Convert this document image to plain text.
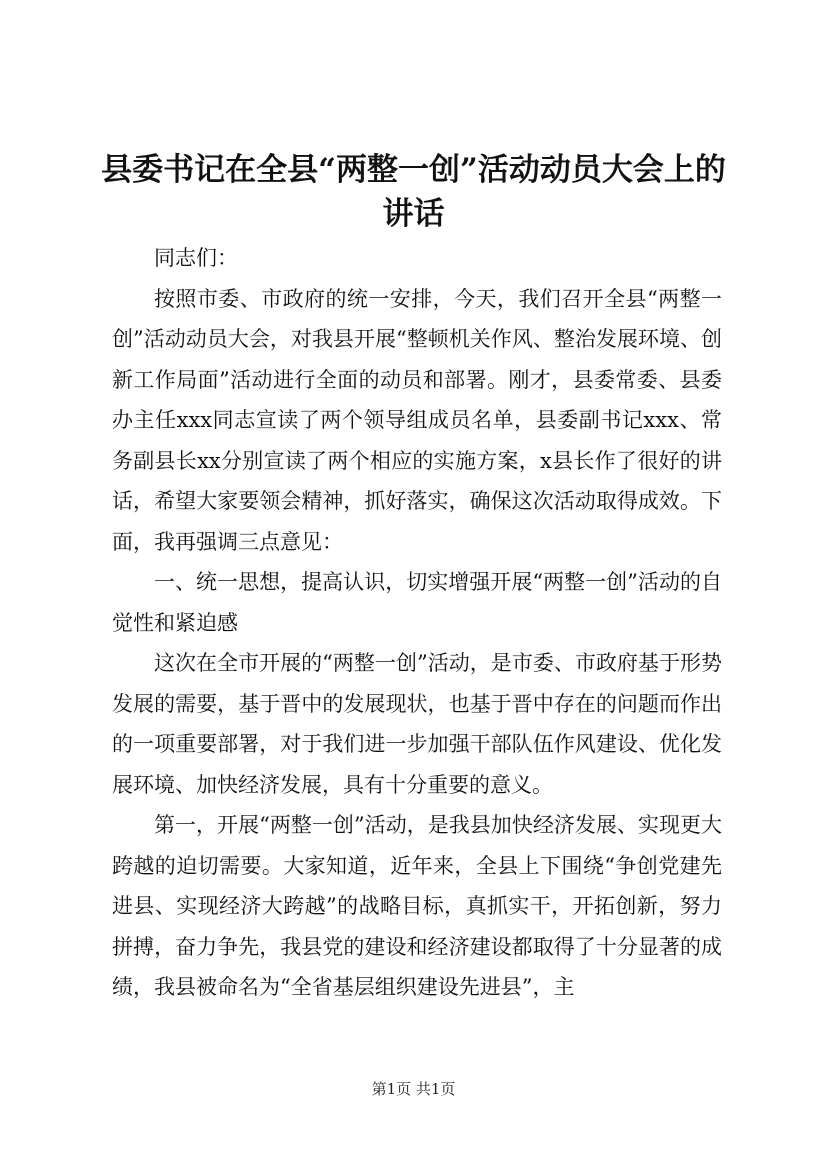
县委书记在全县“两整一创”活动动员大会上的讲话

同志们：

按照市委、市政府的统一安排，今天，我们召开全县“两整一创”活动动员大会，对我县开展“整顿机关作风、整治发展环境、创新工作局面”活动进行全面的动员和部署。刚才，县委常委、县委办主任xxx同志宣读了两个领导组成员名单，县委副书记xxx、常务副县长xx分别宣读了两个相应的实施方案，x县长作了很好的讲话，希望大家要领会精神，抓好落实，确保这次活动取得成效。下面，我再强调三点意见：

一、统一思想，提高认识，切实增强开展“两整一创”活动的自觉性和紧迫感

这次在全市开展的“两整一创”活动，是市委、市政府基于形势发展的需要，基于晋中的发展现状，也基于晋中存在的问题而作出的一项重要部署，对于我们进一步加强干部队伍作风建设、优化发展环境、加快经济发展，具有十分重要的意义。

第一，开展“两整一创”活动，是我县加快经济发展、实现更大跨越的迫切需要。大家知道，近年来，全县上下围绕“争创党建先进县、实现经济大跨越”的战略目标，真抓实干，开拓创新，努力拼搏，奋力争先，我县党的建设和经济建设都取得了十分显著的成绩，我县被命名为“全省基层组织建设先进县”，主

第1页 共1页
